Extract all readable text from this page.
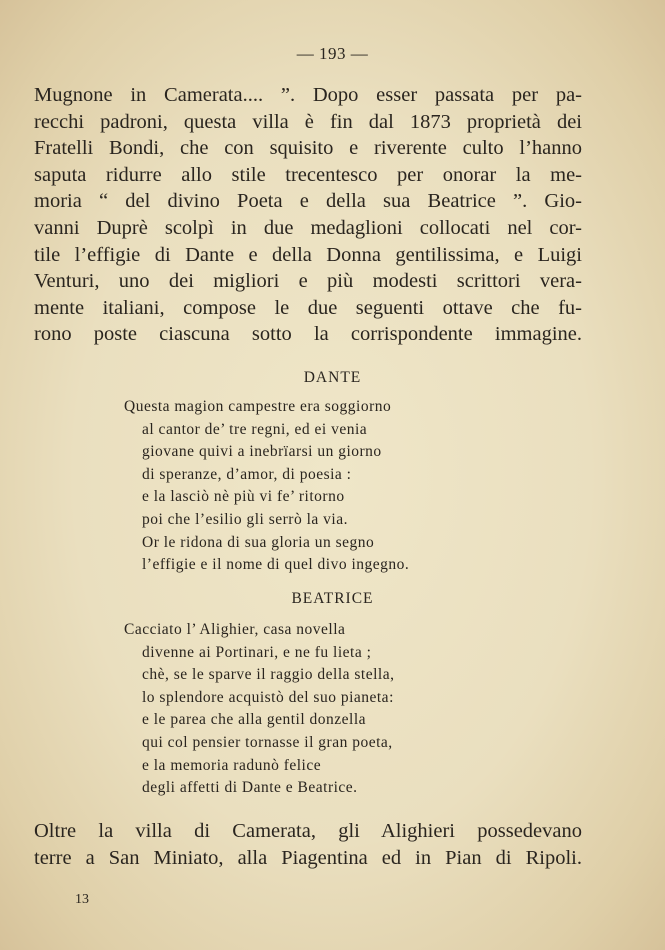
— 193 —
Mugnone in Camerata.... ”. Dopo esser passata per pa-
recchi padroni, questa villa è fin dal 1873 proprietà dei
Fratelli Bondi, che con squisito e riverente culto l’hanno
saputa ridurre allo stile trecentesco per onorar la me-
moria “ del divino Poeta e della sua Beatrice ”. Gio-
vanni Duprè scolpì in due medaglioni collocati nel cor-
tile l’effigie di Dante e della Donna gentilissima, e Luigi
Venturi, uno dei migliori e più modesti scrittori vera-
mente italiani, compose le due seguenti ottave che fu-
rono poste ciascuna sotto la corrispondente immagine.
DANTE
Questa magion campestre era soggiorno
al cantor de’ tre regni, ed ei venia
giovane quivi a inebrïarsi un giorno
di speranze, d’amor, di poesia :
e la lasciò nè più vi fe’ ritorno
poi che l’esilio gli serrò la via.
Or le ridona di sua gloria un segno
l’effigie e il nome di quel divo ingegno.
BEATRICE
Cacciato l’ Alighier, casa novella
divenne ai Portinari, e ne fu lieta ;
chè, se le sparve il raggio della stella,
lo splendore acquistò del suo pianeta:
e le parea che alla gentil donzella
qui col pensier tornasse il gran poeta,
e la memoria radunò felice
degli affetti di Dante e Beatrice.
Oltre la villa di Camerata, gli Alighieri possedevano
terre a San Miniato, alla Piagentina ed in Pian di Ripoli.
13
